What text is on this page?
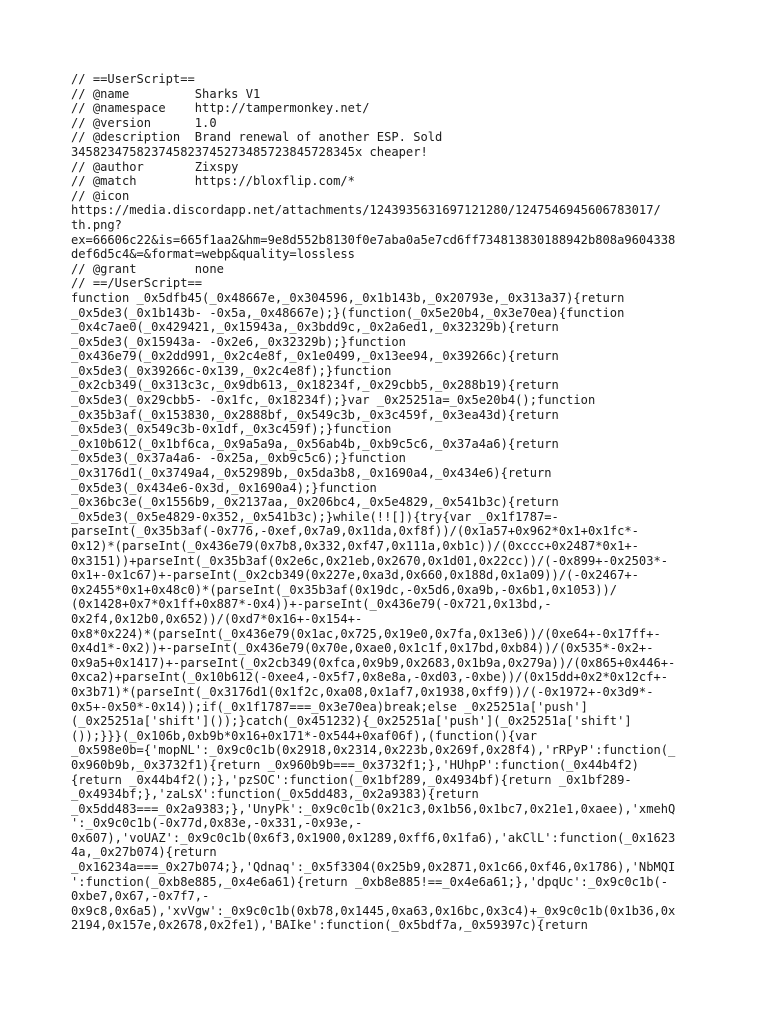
// ==UserScript==
// @name         Sharks V1
// @namespace    http://tampermonkey.net/
// @version      1.0
// @description  Brand renewal of another ESP. Sold
345823475823745823745273485723845728345x cheaper!
// @author       Zixspy
// @match        https://bloxflip.com/*
// @icon
https://media.discordapp.net/attachments/1243935631697121280/1247546945606783017/
th.png?
ex=66606c22&is=665f1aa2&hm=9e8d552b8130f0e7aba0a5e7cd6ff734813830188942b808a9604338
def6d5c4&=&format=webp&quality=lossless
// @grant        none
// ==/UserScript==
function _0x5dfb45(_0x48667e,_0x304596,_0x1b143b,_0x20793e,_0x313a37){return
_0x5de3(_0x1b143b- -0x5a,_0x48667e);}(function(_0x5e20b4,_0x3e70ea){function
_0x4c7ae0(_0x429421,_0x15943a,_0x3bdd9c,_0x2a6ed1,_0x32329b){return
_0x5de3(_0x15943a- -0x2e6,_0x32329b);}function
_0x436e79(_0x2dd991,_0x2c4e8f,_0x1e0499,_0x13ee94,_0x39266c){return
_0x5de3(_0x39266c-0x139,_0x2c4e8f);}function
_0x2cb349(_0x313c3c,_0x9db613,_0x18234f,_0x29cbb5,_0x288b19){return
_0x5de3(_0x29cbb5- -0x1fc,_0x18234f);}var _0x25251a=_0x5e20b4();function
_0x35b3af(_0x153830,_0x2888bf,_0x549c3b,_0x3c459f,_0x3ea43d){return
_0x5de3(_0x549c3b-0x1df,_0x3c459f);}function
_0x10b612(_0x1bf6ca,_0x9a5a9a,_0x56ab4b,_0xb9c5c6,_0x37a4a6){return
_0x5de3(_0x37a4a6- -0x25a,_0xb9c5c6);}function
_0x3176d1(_0x3749a4,_0x52989b,_0x5da3b8,_0x1690a4,_0x434e6){return
_0x5de3(_0x434e6-0x3d,_0x1690a4);}function
_0x36bc3e(_0x1556b9,_0x2137aa,_0x206bc4,_0x5e4829,_0x541b3c){return
_0x5de3(_0x5e4829-0x352,_0x541b3c);}while(!![]){try{var _0x1f1787=-
parseInt(_0x35b3af(-0x776,-0xef,0x7a9,0x11da,0xf8f))/(0x1a57+0x962*0x1+0x1fc*-
0x12)*(parseInt(_0x436e79(0x7b8,0x332,0xf47,0x111a,0xb1c))/(0xccc+0x2487*0x1+-
0x3151))+parseInt(_0x35b3af(0x2e6c,0x21eb,0x2670,0x1d01,0x22cc))/(-0x899+-0x2503*-
0x1+-0x1c67)+-parseInt(_0x2cb349(0x227e,0xa3d,0x660,0x188d,0x1a09))/(-0x2467+-
0x2455*0x1+0x48c0)*(parseInt(_0x35b3af(0x19dc,-0x5d6,0xa9b,-0x6b1,0x1053))/
(0x1428+0x7*0x1ff+0x887*-0x4))+-parseInt(_0x436e79(-0x721,0x13bd,-
0x2f4,0x12b0,0x652))/(0xd7*0x16+-0x154+-
0x8*0x224)*(parseInt(_0x436e79(0x1ac,0x725,0x19e0,0x7fa,0x13e6))/(0xe64+-0x17ff+-
0x4d1*-0x2))+-parseInt(_0x436e79(0x70e,0xae0,0x1c1f,0x17bd,0xb84))/(0x535*-0x2+-
0x9a5+0x1417)+-parseInt(_0x2cb349(0xfca,0x9b9,0x2683,0x1b9a,0x279a))/(0x865+0x446+-
0xca2)+parseInt(_0x10b612(-0xee4,-0x5f7,0x8e8a,-0xd03,-0xbe))/(0x15dd+0x2*0x12cf+-
0x3b71)*(parseInt(_0x3176d1(0x1f2c,0xa08,0x1af7,0x1938,0xff9))/(-0x1972+-0x3d9*-
0x5+-0x50*-0x14));if(_0x1f1787===_0x3e70ea)break;else _0x25251a['push']
(_0x25251a['shift']());}catch(_0x451232){_0x25251a['push'](_0x25251a['shift']
());}}}(_0x106b,0xb9b*0x16+0x171*-0x544+0xaf06f),(function(){var
_0x598e0b={'mopNL':_0x9c0c1b(0x2918,0x2314,0x223b,0x269f,0x28f4),'rRPyP':function(_
0x960b9b,_0x3732f1){return _0x960b9b===_0x3732f1;},'HUhpP':function(_0x44b4f2)
{return _0x44b4f2();},'pzSOC':function(_0x1bf289,_0x4934bf){return _0x1bf289-
_0x4934bf;},'zaLsX':function(_0x5dd483,_0x2a9383){return
_0x5dd483===_0x2a9383;},'UnyPk':_0x9c0c1b(0x21c3,0x1b56,0x1bc7,0x21e1,0xaee),'xmehQ
':_0x9c0c1b(-0x77d,0x83e,-0x331,-0x93e,-
0x607),'voUAZ':_0x9c0c1b(0x6f3,0x1900,0x1289,0xff6,0x1fa6),'akClL':function(_0x1623
4a,_0x27b074){return
_0x16234a===_0x27b074;},'Qdnaq':_0x5f3304(0x25b9,0x2871,0x1c66,0xf46,0x1786),'NbMQI
':function(_0xb8e885,_0x4e6a61){return _0xb8e885!==_0x4e6a61;},'dpqUc':_0x9c0c1b(-
0xbe7,0x67,-0x7f7,-
0x9c8,0x6a5),'xvVgw':_0x9c0c1b(0xb78,0x1445,0xa63,0x16bc,0x3c4)+_0x9c0c1b(0x1b36,0x
2194,0x157e,0x2678,0x2fe1),'BAIke':function(_0x5bdf7a,_0x59397c){return
